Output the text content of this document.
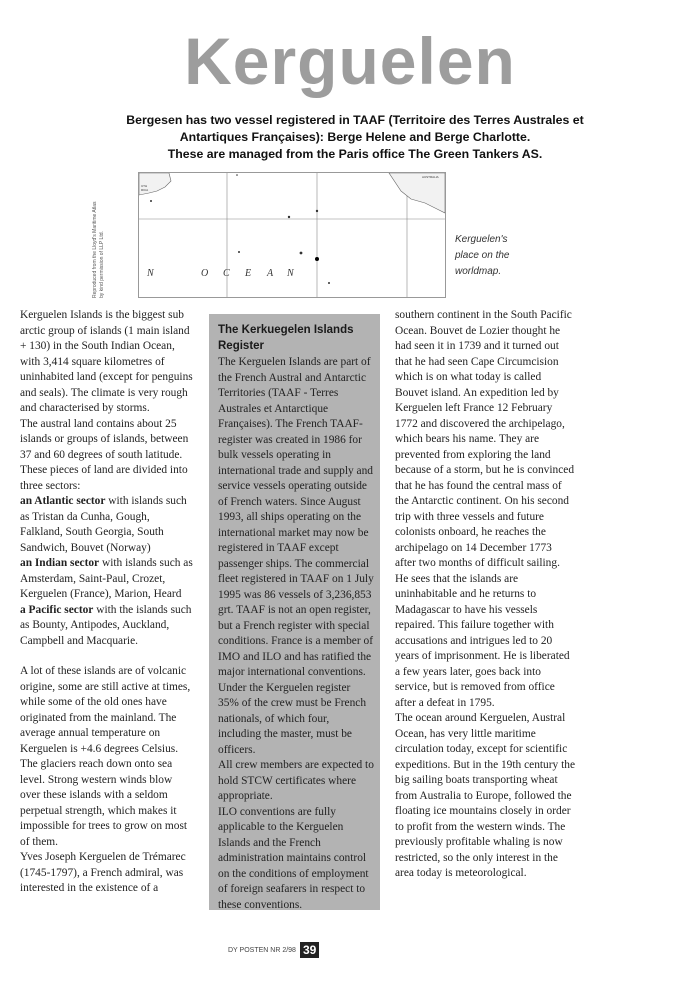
Kerguelen
Bergesen has two vessel registered in TAAF (Territoire des Terres Australes et
Antartiques Françaises): Berge Helene and Berge Charlotte.
These are managed from the Paris office The Green Tankers AS.
Reproduced from the Lloyd's Maritime Atlas by kind permission of LLP Ltd.
AUSTRALIA
UTH
RICA
N	O C E A N
Kerguelen's
place on the
worldmap.

Kerguelen Islands is the biggest sub arctic group of islands (1 main island + 130) in the South Indian Ocean, with 3,414 square kilometres of uninhabited land (except for penguins and seals). The climate is very rough and characterised by storms.

The austral land contains about 25 islands or groups of islands, between 37 and 60 degrees of south latitude. These pieces of land are divided into three sectors:

an Atlantic sector with islands such as Tristan da Cunha, Gough, Falkland, South Georgia, South Sandwich, Bouvet (Norway)

an Indian sector with islands such as Amsterdam, Saint-Paul, Crozet, Kerguelen (France), Marion, Heard

a Pacific sector with the islands such as Bounty, Antipodes, Auckland, Campbell and Macquarie.

A lot of these islands are of volcanic origine, some are still active at times, while some of the old ones have originated from the mainland. The average annual temperature on Kerguelen is +4.6 degrees Celsius. The glaciers reach down onto sea level. Strong western winds blow over these islands with a seldom perpetual strength, which makes it impossible for trees to grow on most of them.

Yves Joseph Kerguelen de Trémarec (1745-1797), a French admiral, was interested in the existence of a

The Kerkuegelen Islands Register

The Kerguelen Islands are part of the French Austral and Antarctic Territories (TAAF - Terres Australes et Antarctique Françaises). The French TAAF-register was created in 1986 for bulk vessels operating in international trade and supply and service vessels operating outside of French waters. Since August 1993, all ships operating on the international market may now be registered in TAAF except passenger ships. The commercial fleet registered in TAAF on 1 July 1995 was 86 vessels of 3,236,853 grt. TAAF is not an open register, but a French register with special conditions. France is a member of IMO and ILO and has ratified the major international conventions. Under the Kerguelen register 35% of the crew must be French nationals, of which four, including the master, must be officers.

All crew members are expected to hold STCW certificates where appropriate.

ILO conventions are fully applicable to the Kerguelen Islands and the French administration maintains control on the conditions of employment of foreign seafarers in respect to these conventions.

southern continent in the South Pacific Ocean. Bouvet de Lozier thought he had seen it in 1739 and it turned out that he had seen Cape Circumcision which is on what today is called Bouvet island. An expedition led by Kerguelen left France 12 February 1772 and discovered the archipelago, which bears his name. They are prevented from exploring the land because of a storm, but he is convinced that he has found the central mass of the Antarctic continent. On his second trip with three vessels and future colonists onboard, he reaches the archipelago on 14 December 1773 after two months of difficult sailing. He sees that the islands are uninhabitable and he returns to Madagascar to have his vessels repaired. This failure together with accusations and intrigues led to 20 years of imprisonment. He is liberated a few years later, goes back into service, but is removed from office after a defeat in 1795.

The ocean around Kerguelen, Austral Ocean, has very little maritime circulation today, except for scientific expeditions. But in the 19th century the big sailing boats transporting wheat from Australia to Europe, followed the floating ice mountains closely in order to profit from the western winds. The previously profitable whaling is now restricted, so the only interest in the area today is meteorological.

DY POSTEN NR 2/98 39
